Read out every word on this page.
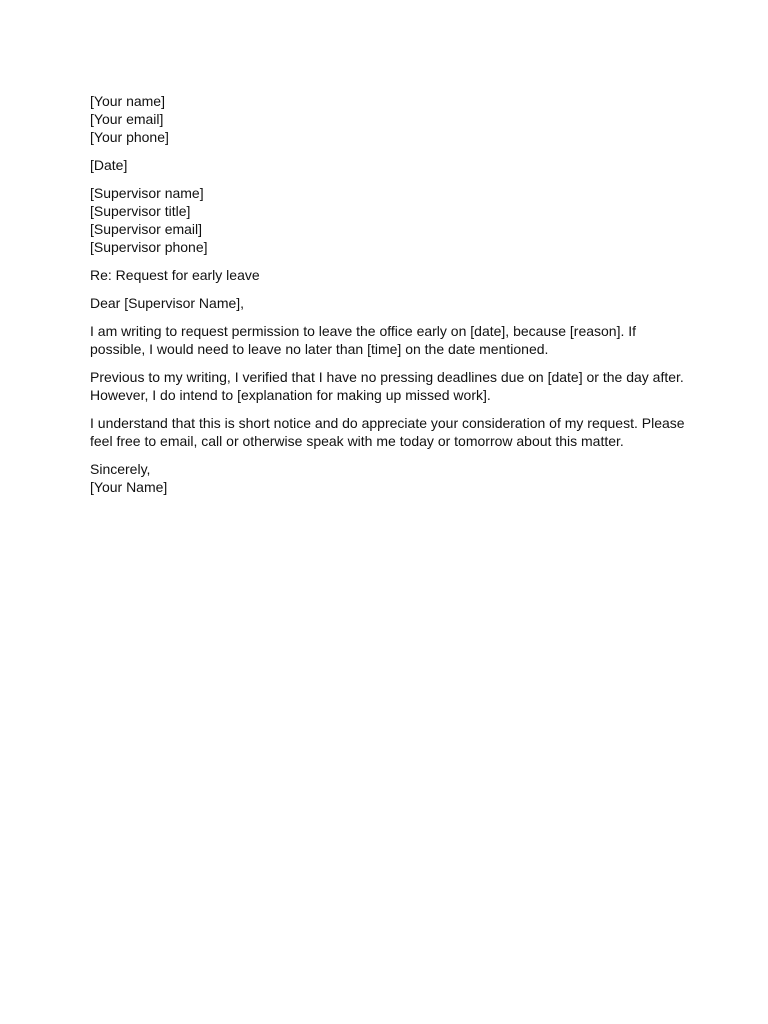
[Your name]
[Your email]
[Your phone]
[Date]
[Supervisor name]
[Supervisor title]
[Supervisor email]
[Supervisor phone]
Re: Request for early leave
Dear [Supervisor Name],
I am writing to request permission to leave the office early on [date], because [reason]. If
possible, I would need to leave no later than [time] on the date mentioned.
Previous to my writing, I verified that I have no pressing deadlines due on [date] or the day after.
However, I do intend to [explanation for making up missed work].
I understand that this is short notice and do appreciate your consideration of my request. Please
feel free to email, call or otherwise speak with me today or tomorrow about this matter.
Sincerely,
[Your Name]
